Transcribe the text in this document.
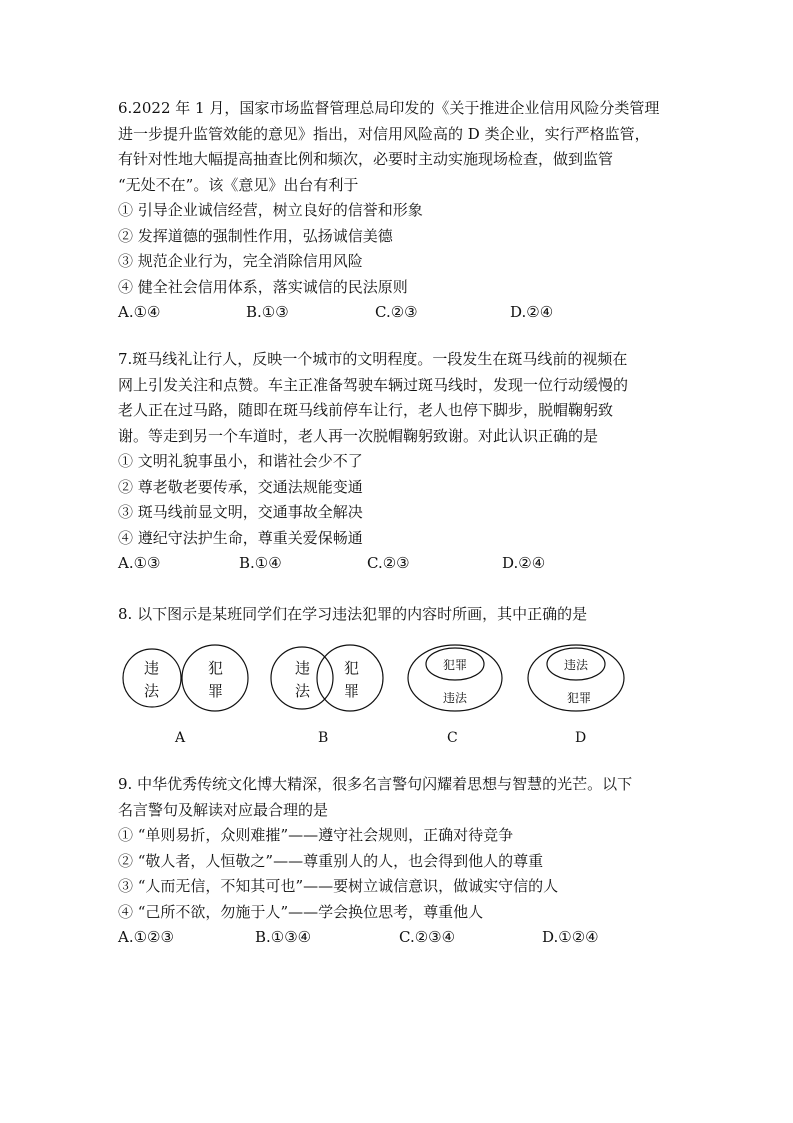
6.2022 年 1 月，国家市场监督管理总局印发的《关于推进企业信用风险分类管理
进一步提升监管效能的意见》指出，对信用风险高的 D 类企业，实行严格监管，
有针对性地大幅提高抽查比例和频次，必要时主动实施现场检查，做到监管
“无处不在”。该《意见》出台有利于
① 引导企业诚信经营，树立良好的信誉和形象
② 发挥道德的强制性作用，弘扬诚信美德
③ 规范企业行为，完全消除信用风险
④ 健全社会信用体系，落实诚信的民法原则
A.①④	B.①③	C.②③	D.②④
7.斑马线礼让行人，反映一个城市的文明程度。一段发生在斑马线前的视频在
网上引发关注和点赞。车主正准备驾驶车辆过斑马线时，发现一位行动缓慢的
老人正在过马路，随即在斑马线前停车让行，老人也停下脚步，脱帽鞠躬致
谢。等走到另一个车道时，老人再一次脱帽鞠躬致谢。对此认识正确的是
① 文明礼貌事虽小，和谐社会少不了
② 尊老敬老要传承，交通法规能变通
③ 斑马线前显文明，交通事故全解决
④ 遵纪守法护生命，尊重关爱保畅通
A.①③	B.①④	C.②③	D.②④
8. 以下图示是某班同学们在学习违法犯罪的内容时所画，其中正确的是
违
法
犯
罪
A
违
法
犯
罪
B
犯罪
违法
C
违法
犯罪
D
9. 中华优秀传统文化博大精深，很多名言警句闪耀着思想与智慧的光芒。以下
名言警句及解读对应最合理的是
① “单则易折，众则难摧”——遵守社会规则，正确对待竞争
② “敬人者，人恒敬之”——尊重别人的人，也会得到他人的尊重
③ “人而无信，不知其可也”——要树立诚信意识，做诚实守信的人
④ “己所不欲，勿施于人”——学会换位思考，尊重他人
A.①②③	B.①③④	C.②③④	D.①②④
